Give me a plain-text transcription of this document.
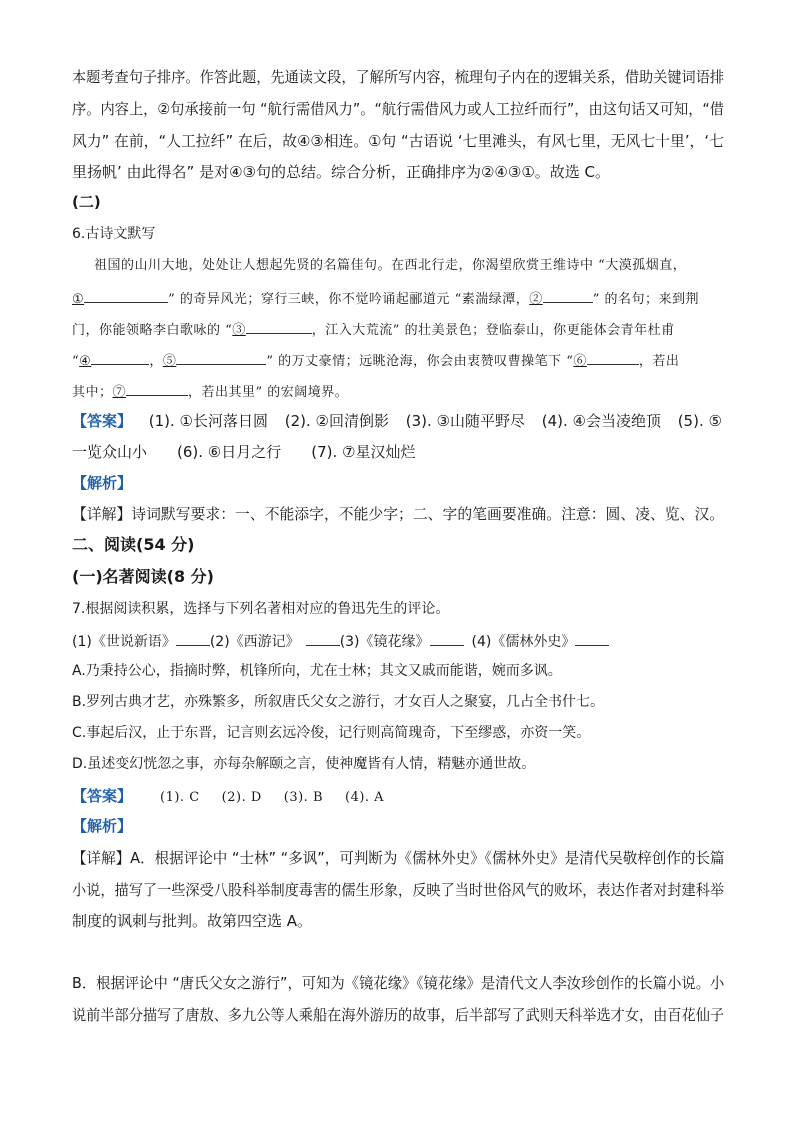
本题考查句子排序。作答此题，先通读文段，了解所写内容，梳理句子内在的逻辑关系，借助关键词语排
序。内容上，②句承接前一句 “航行需借风力”。“航行需借风力或人工拉纤而行”，由这句话又可知，“借
风力” 在前，“人工拉纤” 在后，故④③相连。①句 “古语说 ‘七里滩头，有风七里，无风七十里’，‘七
里扬帆’ 由此得名” 是对④③句的总结。综合分析，正确排序为②④③①。故选 C。
(二)
6.古诗文默写
祖国的山川大地，处处让人想起先贤的名篇佳句。在西北行走，你渴望欣赏王维诗中 “大漠孤烟直，
①	” 的奇异风光；穿行三峡，你不觉吟诵起郦道元 “素湍绿潭，②	” 的名句；来到荆
门，你能领略李白歌咏的 “③	，江入大荒流” 的壮美景色；登临泰山，你更能体会青年杜甫
“④	，⑤	” 的万丈豪情；远眺沧海，你会由衷赞叹曹操笔下 “⑥	，若出
其中；⑦	，若出其里” 的宏阔境界。
【答案】 (1). ①长河落日圆 (2). ②回清倒影 (3). ③山随平野尽 (4). ④会当凌绝顶 (5). ⑤
一览众山小 (6). ⑥日月之行 (7). ⑦星汉灿烂
【解析】
【详解】诗词默写要求：一、不能添字，不能少字；二、字的笔画要准确。注意：圆、凌、览、汉。
二、阅读(54 分)
(一)名著阅读(8 分)
7.根据阅读积累，选择与下列名著相对应的鲁迅先生的评论。
(1)《世说新语》 (2)《西游记》	(3)《镜花缘》	(4)《儒林外史》
A.乃秉持公心，指摘时弊，机锋所向，尤在士林；其文又戚而能谐，婉而多讽。
B.罗列古典才艺，亦殊繁多，所叙唐氏父女之游行，才女百人之聚宴，几占全书什七。
C.事起后汉，止于东晋，记言则玄远冷俊，记行则高简瑰奇，下至缪惑，亦资一笑。
D.虽述变幻恍忽之事，亦每杂解颐之言，使神魔皆有人情，精魅亦通世故。
【答案】 (1). C (2). D (3). B (4). A
【解析】
【详解】A．根据评论中 “士林” “多讽”，可判断为《儒林外史》《儒林外史》是清代吴敬梓创作的长篇
小说，描写了一些深受八股科举制度毒害的儒生形象，反映了当时世俗风气的败坏，表达作者对封建科举
制度的讽刺与批判。故第四空选 A。
B．根据评论中 “唐氏父女之游行”，可知为《镜花缘》《镜花缘》是清代文人李汝珍创作的长篇小说。小
说前半部分描写了唐敖、多九公等人乘船在海外游历的故事，后半部写了武则天科举选才女，由百花仙子
